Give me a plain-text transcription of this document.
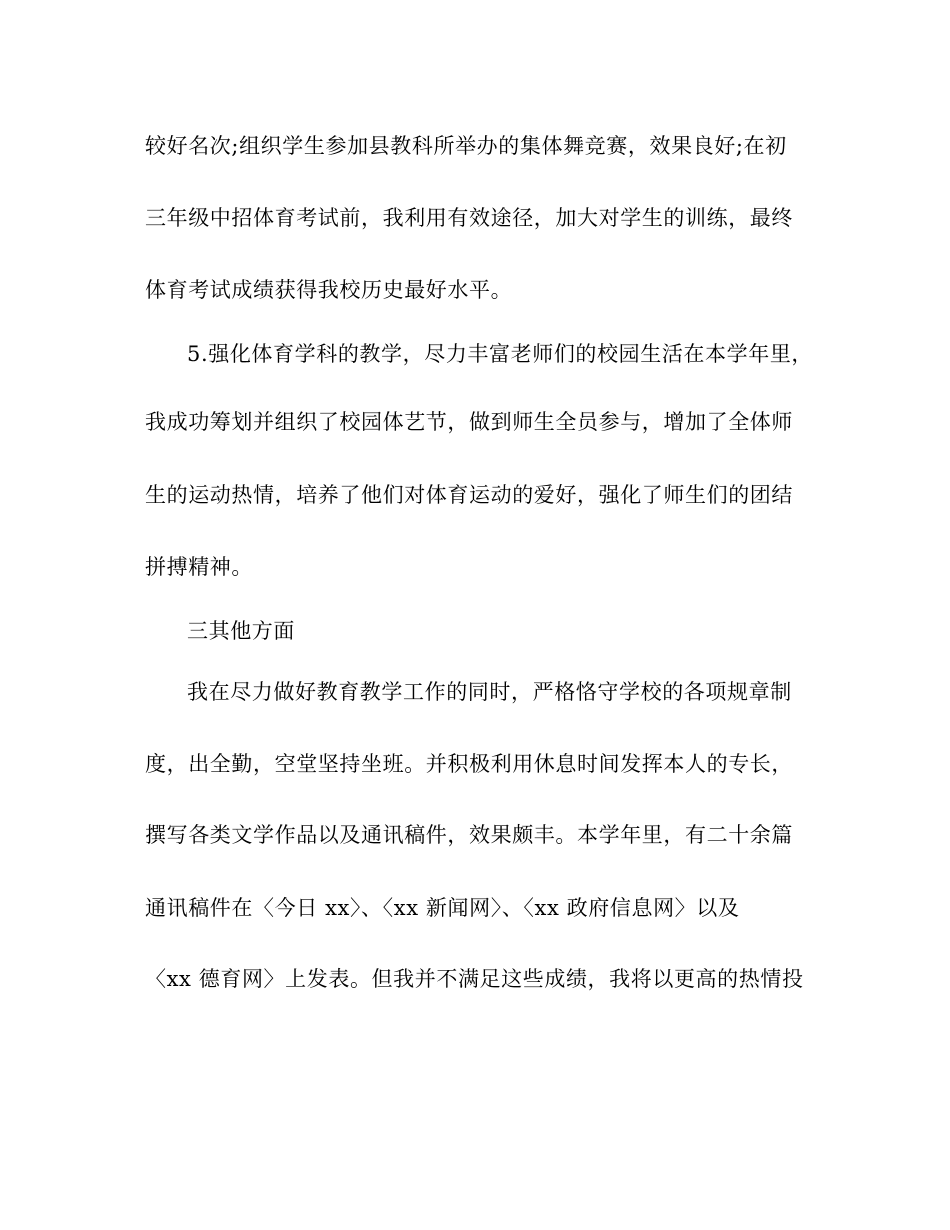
较好名次;组织学生参加县教科所举办的集体舞竞赛，效果良好;在初
三年级中招体育考试前，我利用有效途径，加大对学生的训练，最终
体育考试成绩获得我校历史最好水平。
5.强化体育学科的教学，尽力丰富老师们的校园生活在本学年里，
我成功筹划并组织了校园体艺节，做到师生全员参与，增加了全体师
生的运动热情，培养了他们对体育运动的爱好，强化了师生们的团结
拼搏精神。
三其他方面
我在尽力做好教育教学工作的同时，严格恪守学校的各项规章制
度，出全勤，空堂坚持坐班。并积极利用休息时间发挥本人的专长，
撰写各类文学作品以及通讯稿件，效果颇丰。本学年里，有二十余篇
通讯稿件在〈今日 xx〉、〈xx 新闻网〉、〈xx 政府信息网〉以及
〈xx 德育网〉上发表。但我并不满足这些成绩，我将以更高的热情投
